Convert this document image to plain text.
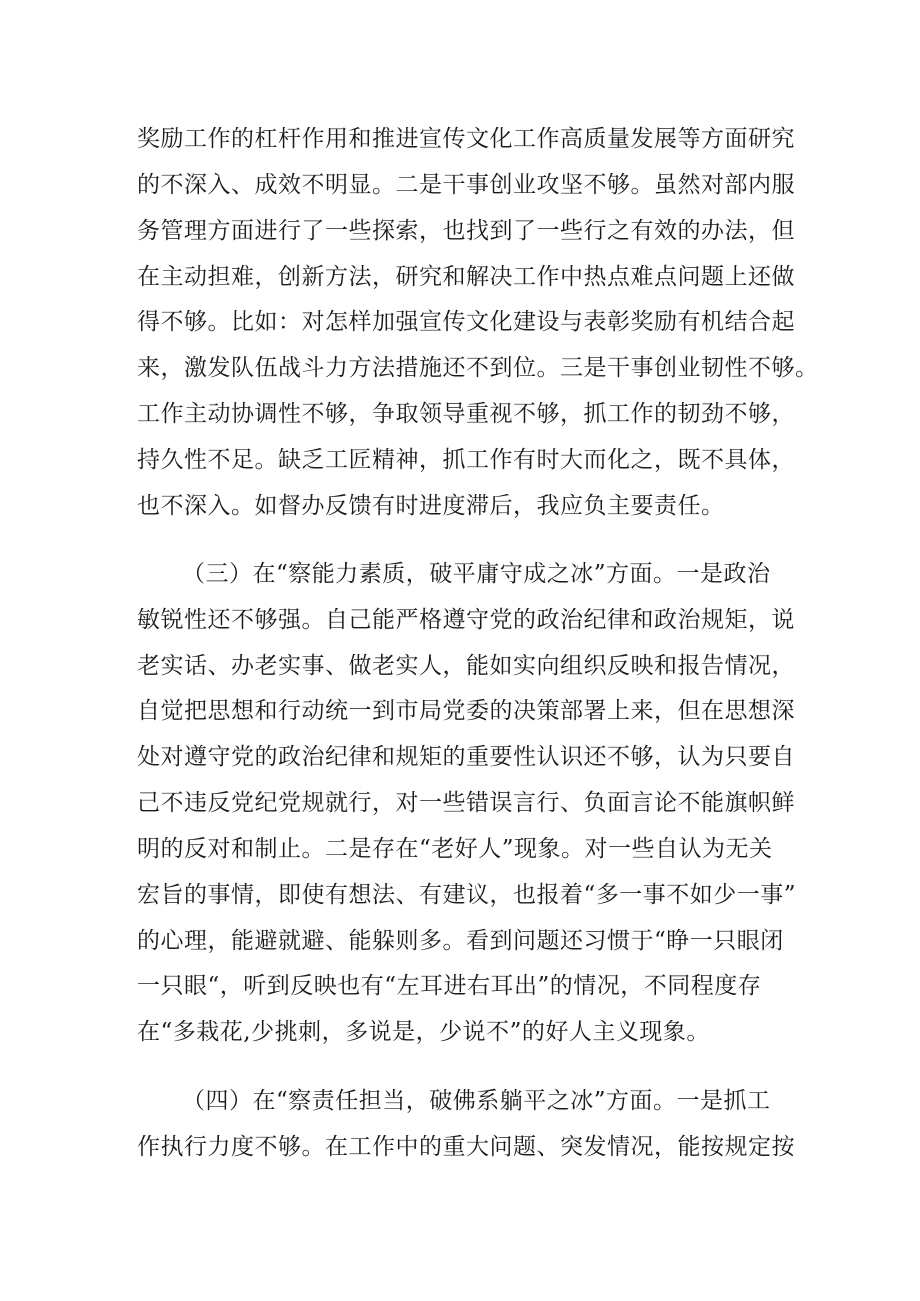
奖励工作的杠杆作用和推进宣传文化工作高质量发展等方面研究
的不深入、成效不明显。二是干事创业攻坚不够。虽然对部内服
务管理方面进行了一些探索，也找到了一些行之有效的办法，但
在主动担难，创新方法，研究和解决工作中热点难点问题上还做
得不够。比如：对怎样加强宣传文化建设与表彰奖励有机结合起
来，激发队伍战斗力方法措施还不到位。三是干事创业韧性不够。
工作主动协调性不够，争取领导重视不够，抓工作的韧劲不够，
持久性不足。缺乏工匠精神，抓工作有时大而化之，既不具体，
也不深入。如督办反馈有时进度滞后，我应负主要责任。
（三）在“察能力素质，破平庸守成之冰”方面。一是政治
敏锐性还不够强。自己能严格遵守党的政治纪律和政治规矩，说
老实话、办老实事、做老实人，能如实向组织反映和报告情况，
自觉把思想和行动统一到市局党委的决策部署上来，但在思想深
处对遵守党的政治纪律和规矩的重要性认识还不够，认为只要自
己不违反党纪党规就行，对一些错误言行、负面言论不能旗帜鲜
明的反对和制止。二是存在“老好人”现象。对一些自认为无关
宏旨的事情，即使有想法、有建议，也报着“多一事不如少一事”
的心理，能避就避、能躲则多。看到问题还习惯于“睁一只眼闭
一只眼“，听到反映也有“左耳进右耳出”的情况，不同程度存
在“多栽花,少挑刺，多说是，少说不”的好人主义现象。
（四）在“察责任担当，破佛系躺平之冰”方面。一是抓工
作执行力度不够。在工作中的重大问题、突发情况，能按规定按
